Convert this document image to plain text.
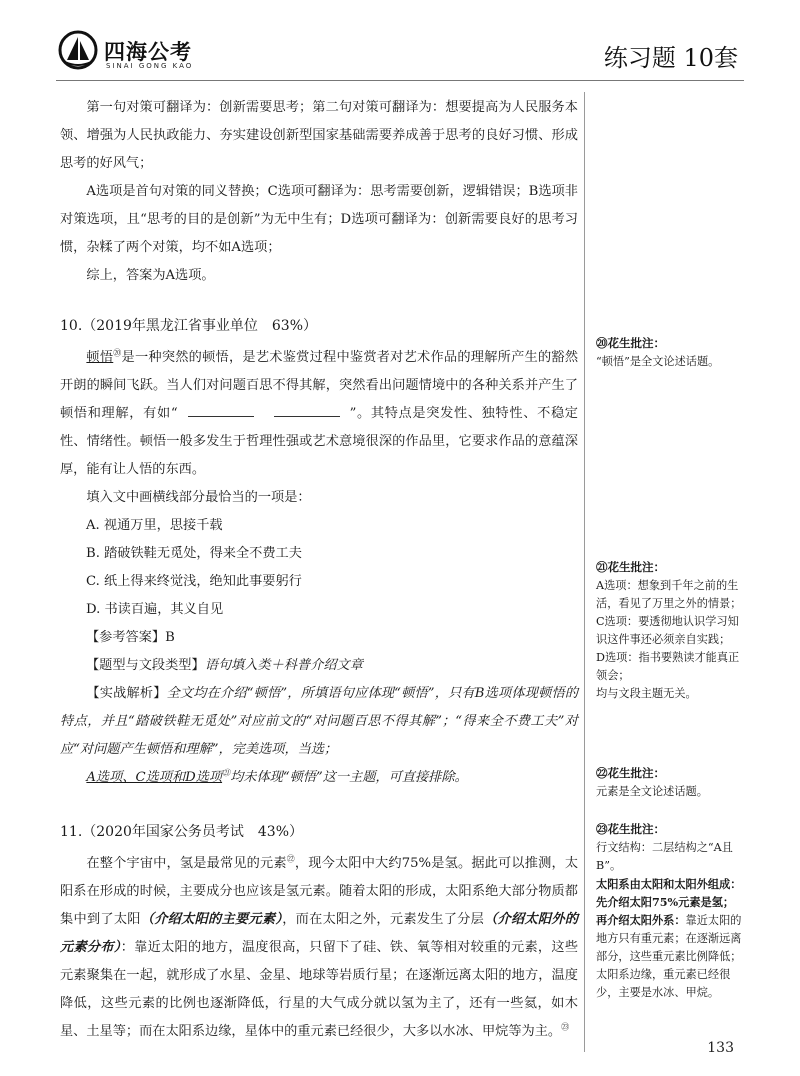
四海公考
SINAI GONG KAO	练习题 10套

第一句对策可翻译为：创新需要思考；第二句对策可翻译为：想要提高为人民服务本领、增强为人民执政能力、夯实建设创新型国家基础需要养成善于思考的良好习惯、形成思考的好风气；

A选项是首句对策的同义替换；C选项可翻译为：思考需要创新，逻辑错误；B选项非对策选项，且“思考的目的是创新”为无中生有；D选项可翻译为：创新需要良好的思考习惯，杂糅了两个对策，均不如A选项；

综上，答案为A选项。

10.（2019年黑龙江省事业单位　63%）

顿悟⑳是一种突然的顿悟，是艺术鉴赏过程中鉴赏者对艺术作品的理解所产生的豁然开朗的瞬间飞跃。当人们对问题百思不得其解，突然看出问题情境中的各种关系并产生了顿悟和理解，有如“	”。其特点是突发性、独特性、不稳定性、情绪性。顿悟一般多发生于哲理性强或艺术意境很深的作品里，它要求作品的意蕴深厚，能有让人悟的东西。

填入文中画横线部分最恰当的一项是：

A. 视通万里，思接千载

B. 踏破铁鞋无觅处，得来全不费工夫

C. 纸上得来终觉浅，绝知此事要躬行

D. 书读百遍，其义自见

【参考答案】B

【题型与文段类型】语句填入类＋科普介绍文章

【实战解析】全文均在介绍“顿悟”，所填语句应体现“顿悟”，只有B选项体现顿悟的特点，并且“踏破铁鞋无觅处”对应前文的“对问题百思不得其解”；“得来全不费工夫”对应“对问题产生顿悟和理解”，完美选项，当选；

A选项、C选项和D选项$^㉑$均未体现“顿悟”这一主题，可直接排除。

11.（2020年国家公务员考试　43%）

在整个宇宙中，氢是最常见的元素$^㉒$，现今太阳中大约75%是氢。据此可以推测，太阳系在形成的时候，主要成分也应该是氢元素。随着太阳的形成，太阳系绝大部分物质都集中到了太阳（介绍太阳的主要元素），而在太阳之外，元素发生了分层（介绍太阳外的元素分布）：靠近太阳的地方，温度很高，只留下了硅、铁、氧等相对较重的元素，这些元素聚集在一起，就形成了水星、金星、地球等岩质行星；在逐渐远离太阳的地方，温度降低，这些元素的比例也逐渐降低，行星的大气成分就以氢为主了，还有一些氦，如木星、土星等；而在太阳系边缘，星体中的重元素已经很少，大多以水冰、甲烷等为主。$^㉓$

⑳花生批注：

“顿悟”是全文论述话题。

㉑花生批注：

A选项：想象到千年之前的生活，看见了万里之外的情景；

C选项：要透彻地认识学习知识这件事还必须亲自实践；

D选项：指书要熟读才能真正领会；

均与文段主题无关。

㉒花生批注：

元素是全文论述话题。

㉓花生批注：

行文结构：二层结构之“A且B”。

太阳系由太阳和太阳外组成：

先介绍太阳75%元素是氢；

再介绍太阳外系：靠近太阳的地方只有重元素；在逐渐远离部分，这些重元素比例降低；太阳系边缘，重元素已经很少，主要是水冰、甲烷。

133
